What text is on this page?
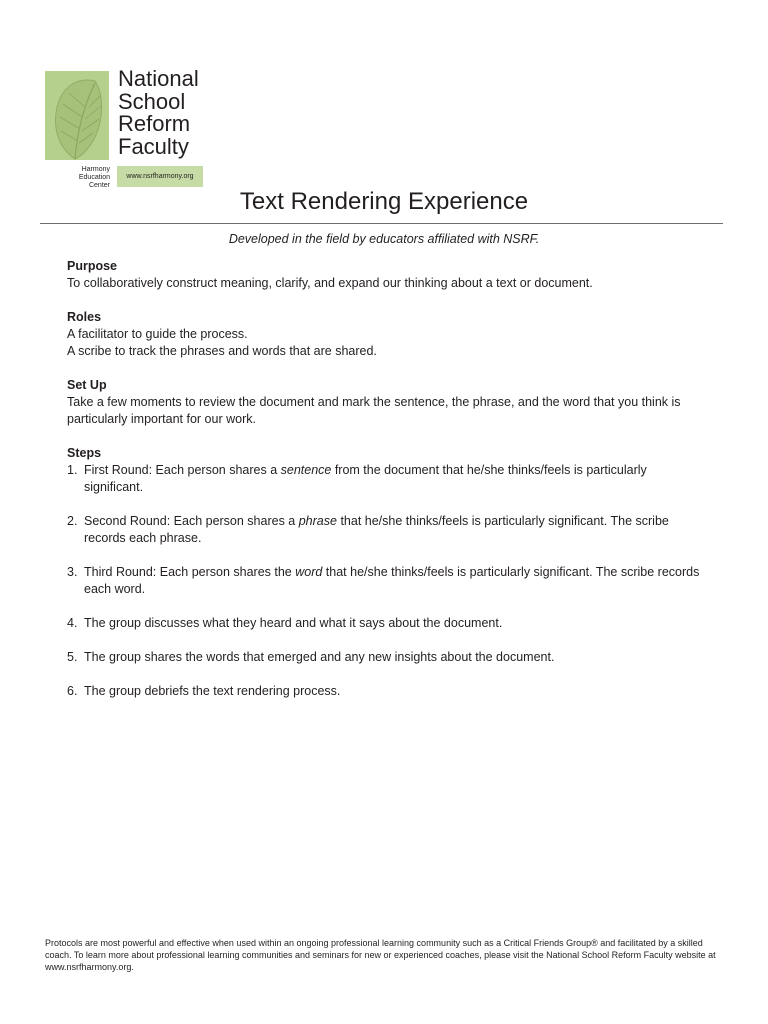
National
School
Reform
Faculty
Harmony
Education
Center
www.nsrfharmony.org
Text Rendering Experience
Developed in the field by educators affiliated with NSRF.

Purpose

To collaboratively construct meaning, clarify, and expand our thinking about a text or document.

Roles

A facilitator to guide the process.

A scribe to track the phrases and words that are shared.

Set Up

Take a few moments to review the document and mark the sentence, the phrase, and the word that you think is particularly important for our work.

Steps

1. First Round: Each person shares a sentence from the document that he/she thinks/feels is particularly significant.
2. Second Round: Each person shares a phrase that he/she thinks/feels is particularly significant. The scribe records each phrase.
3. Third Round: Each person shares the word that he/she thinks/feels is particularly significant. The scribe records each word.
4. The group discusses what they heard and what it says about the document.
5. The group shares the words that emerged and any new insights about the document.
6. The group debriefs the text rendering process.
Protocols are most powerful and effective when used within an ongoing professional learning community such as a Critical Friends Group® and facilitated by a skilled coach. To learn more about professional learning communities and seminars for new or experienced coaches, please visit the National School Reform Faculty website at www.nsrfharmony.org.
